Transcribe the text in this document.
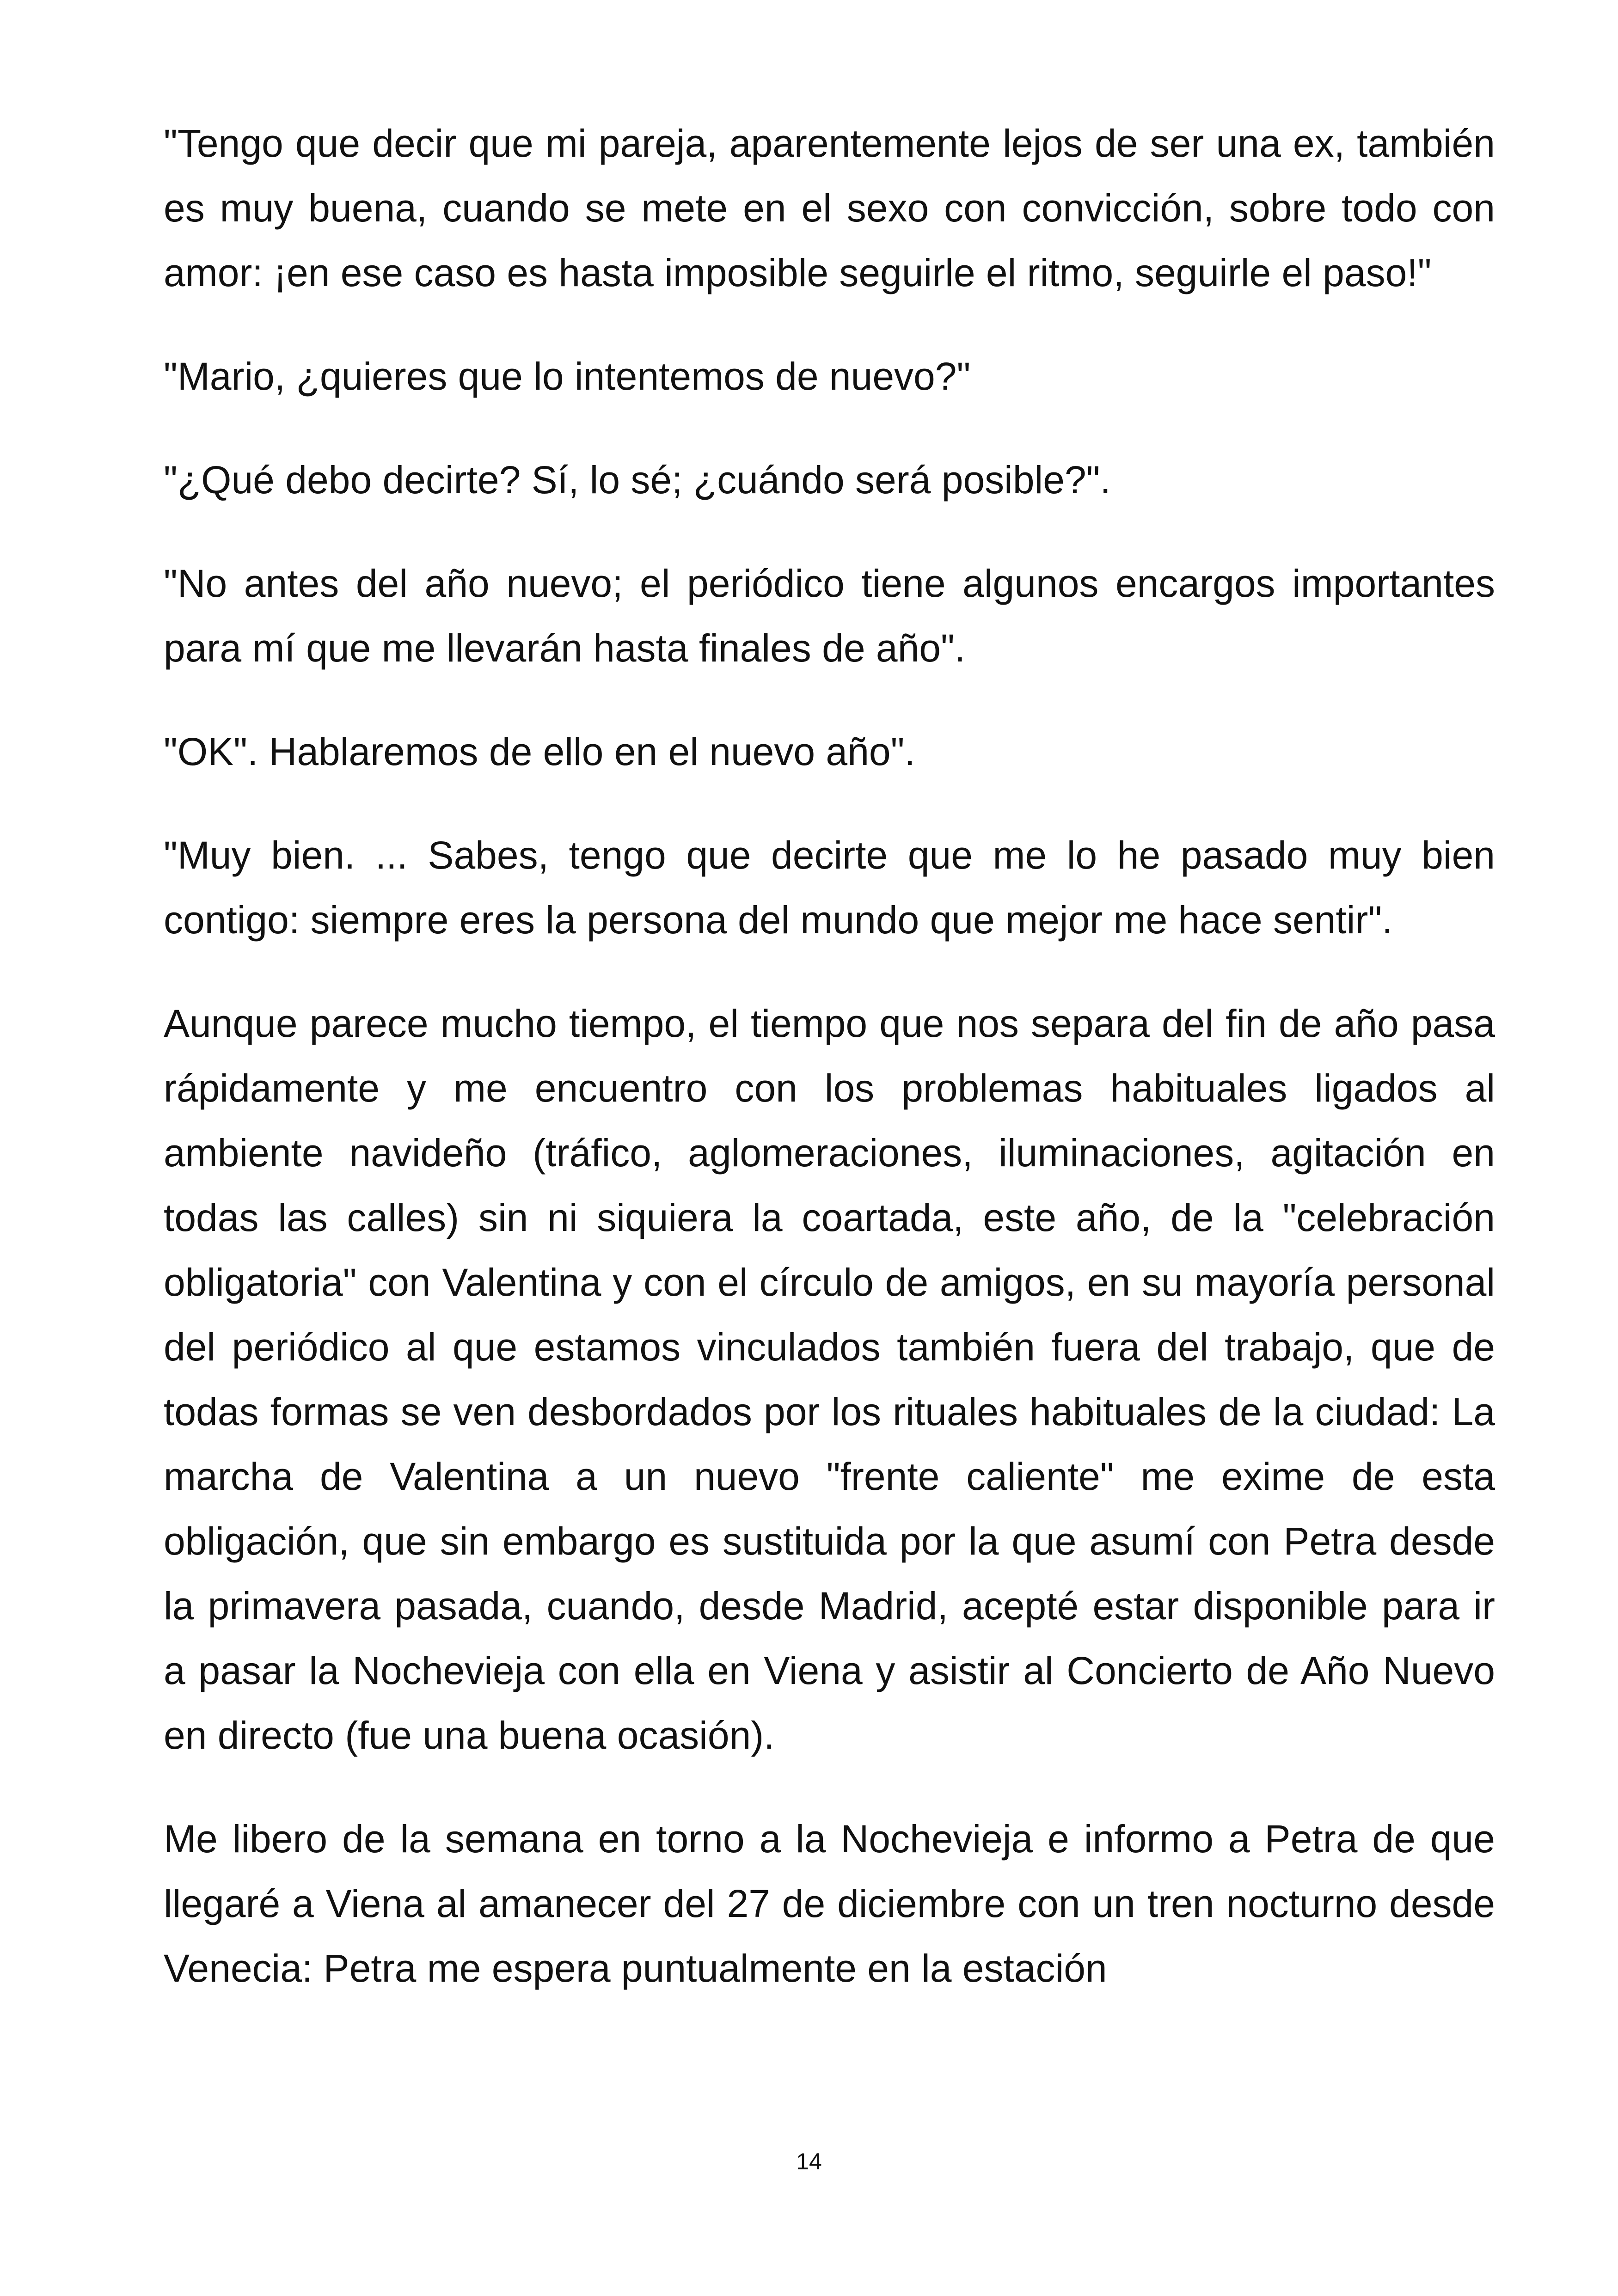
"Tengo que decir que mi pareja, aparentemente lejos de ser una ex, también es muy buena, cuando se mete en el sexo con convicción, sobre todo con amor: ¡en ese caso es hasta imposible seguirle el ritmo, seguirle el paso!"

"Mario, ¿quieres que lo intentemos de nuevo?"

"¿Qué debo decirte? Sí, lo sé; ¿cuándo será posible?".

"No antes del año nuevo; el periódico tiene algunos encargos importantes para mí que me llevarán hasta finales de año".

"OK". Hablaremos de ello en el nuevo año".

"Muy bien. ... Sabes, tengo que decirte que me lo he pasado muy bien contigo: siempre eres la persona del mundo que mejor me hace sentir".

Aunque parece mucho tiempo, el tiempo que nos separa del fin de año pasa rápidamente y me encuentro con los problemas habituales ligados al ambiente navideño (tráfico, aglomeraciones, iluminaciones, agitación en todas las calles) sin ni siquiera la coartada, este año, de la "celebración obligatoria" con Valentina y con el círculo de amigos, en su mayoría personal del periódico al que estamos vinculados también fuera del trabajo, que de todas formas se ven desbordados por los rituales habituales de la ciudad: La marcha de Valentina a un nuevo "frente caliente" me exime de esta obligación, que sin embargo es sustituida por la que asumí con Petra desde la primavera pasada, cuando, desde Madrid, acepté estar disponible para ir a pasar la Nochevieja con ella en Viena y asistir al Concierto de Año Nuevo en directo (fue una buena ocasión).

Me libero de la semana en torno a la Nochevieja e informo a Petra de que llegaré a Viena al amanecer del 27 de diciembre con un tren nocturno desde Venecia: Petra me espera puntualmente en la estación

14
